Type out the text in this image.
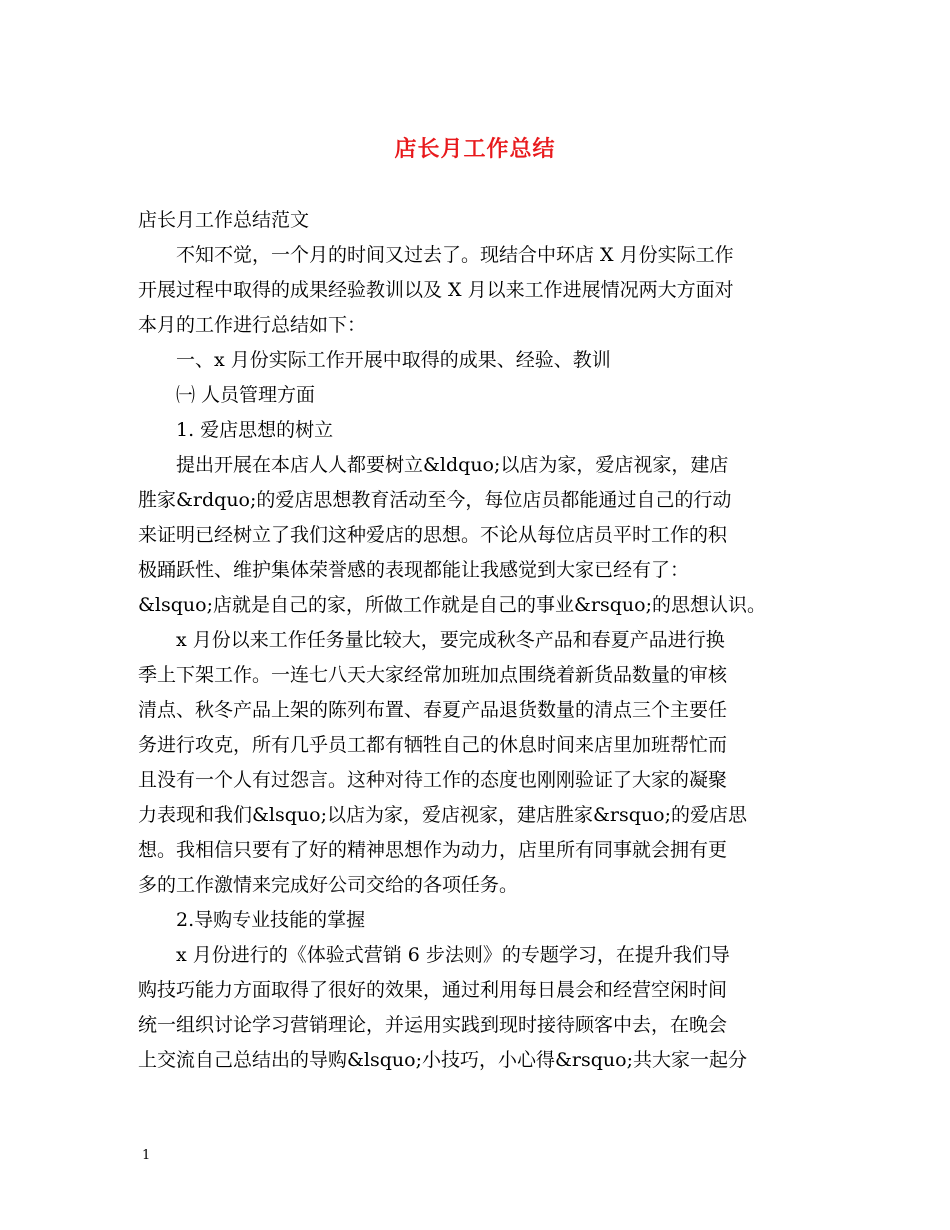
店长月工作总结
店长月工作总结范文
不知不觉，一个月的时间又过去了。现结合中环店 X 月份实际工作
开展过程中取得的成果经验教训以及 X 月以来工作进展情况两大方面对
本月的工作进行总结如下：
一、x 月份实际工作开展中取得的成果、经验、教训
㈠ 人员管理方面
1. 爱店思想的树立
提出开展在本店人人都要树立&ldquo;以店为家，爱店视家，建店
胜家&rdquo;的爱店思想教育活动至今，每位店员都能通过自己的行动
来证明已经树立了我们这种爱店的思想。不论从每位店员平时工作的积
极踊跃性、维护集体荣誉感的表现都能让我感觉到大家已经有了：
&lsquo;店就是自己的家，所做工作就是自己的事业&rsquo;的思想认识。
x 月份以来工作任务量比较大，要完成秋冬产品和春夏产品进行换
季上下架工作。一连七八天大家经常加班加点围绕着新货品数量的审核
清点、秋冬产品上架的陈列布置、春夏产品退货数量的清点三个主要任
务进行攻克，所有几乎员工都有牺牲自己的休息时间来店里加班帮忙而
且没有一个人有过怨言。这种对待工作的态度也刚刚验证了大家的凝聚
力表现和我们&lsquo;以店为家，爱店视家，建店胜家&rsquo;的爱店思
想。我相信只要有了好的精神思想作为动力，店里所有同事就会拥有更
多的工作激情来完成好公司交给的各项任务。
2.导购专业技能的掌握
x 月份进行的《体验式营销 6 步法则》的专题学习，在提升我们导
购技巧能力方面取得了很好的效果，通过利用每日晨会和经营空闲时间
统一组织讨论学习营销理论，并运用实践到现时接待顾客中去，在晚会
上交流自己总结出的导购&lsquo;小技巧，小心得&rsquo;共大家一起分
1
